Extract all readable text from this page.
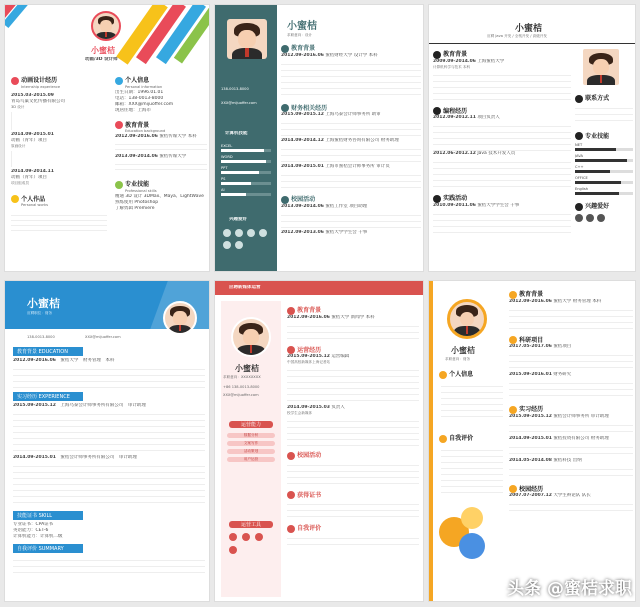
小蜜桔
动画/3D 设计师
动画设计经历
Internship experience
2015.03-2015.09
青岛鸟巢文化传播有限公司
3D 设计
2014.09-2015.01
动画（青年）项目
原画设计
2014.09-2014.11
动画（青年）项目
项目组成员
个人作品
Personal works
个人信息
Personal information
出生日期：1996.01.01
电话：138-0013-8000
邮箱：XXX@mijuoffer.com
现居住地：上海市
教育背景
Education background
2012.09-2016.06 蜜桔传媒大学 本科
2013.09-2014.06 蜜桔传媒大学
专业技能
Professional skills
精通 3D 设计 3DMax、Maya、LightWave
熟练使用 Photoshop
了解剪辑 Premiere
138-0013-8000
XXX@mijuoffer.com
计算机技能
EXCEL
WORD
PPT
PS
AI
兴趣爱好
小蜜桔
求职意向：设计
教育背景
2012.09-2016.06 蜜桔财经大学 设计学 本科
财务相关经历
2015.09-2015.12 上海乌泰会计师事务所 助审
2014.09-2014.12 上海蜜桔财务咨询有限公司 财务助理
2014.09-2015.01 上海市蜜桔会计师事务所 审计员
校园活动
2013.09-2014.06 蜜桔工作室 项目助理
2012.09-2013.06 蜜桔大学学生会 干事
小蜜桔
应聘 Java 开发 / 全栈开发 / 高级开发
教育背景
2009.09-2014.06 上海蜜桔大学
计算机科学与技术 本科
编程经历
2012.09-2012.11 项目负责人
2012.06-2012.12 Java 技术开发人员
实践活动
2010.09-2011.06 蜜桔大学学生会 干事
联系方式
专业技能
NET
JAVA
C++
OFFICE
English
兴趣爱好
小蜜桔
应聘职位：财务
138-0013-8000	XXX@mijuoffer.com
教育背景 EDUCATION
2012.09-2016.06　 蜜桔大学　 财务管理　 本科
实习经历 EXPERIENCE
2015.09-2015.12　 上海乌泰会计师事务所有限公司　 审计助理
2014.09-2015.01　 蜜桔会计师事务所有限公司　 审计助理
技能证书 SKILL
专业证书：CPA证书
英语能力：CET-6
计算机能力：计算机二级
自我评价 SUMMARY
应聘新媒体运营
小蜜桔
求职意向：XXXXXXXX
+86 138-0013-8000
XXX@mijuoffer.com
运营能力
数据分析
文案写作
活动策划
用户运营
运营工具
教育背景
2012.09-2016.06 蜜桔大学 新闻学 本科
运营经历
2015.09-2015.12 运营编辑
中国高校新媒体上海记者站
2014.09-2015.03 负责人
校学生会新媒体
校园活动
获得证书
自我评价
小蜜桔
求职意向：财务
个人信息
自我评价
教育背景
2012.09-2016.06 蜜桔大学 财务管理 本科
科研项目
2017.05-2017.06 蜜桔项目
2015.09-2016.01 财务研究
实习经历
2015.09-2015.12 蜜桔会计师事务所 审计助理
2014.09-2015.01 蜜桔投资有限公司 财务助理
2014.05-2014.08 蜜桔科技 出纳
校园经历
2007.07-2007.12 大学生辩论队 队长
头条 @蜜桔求职
